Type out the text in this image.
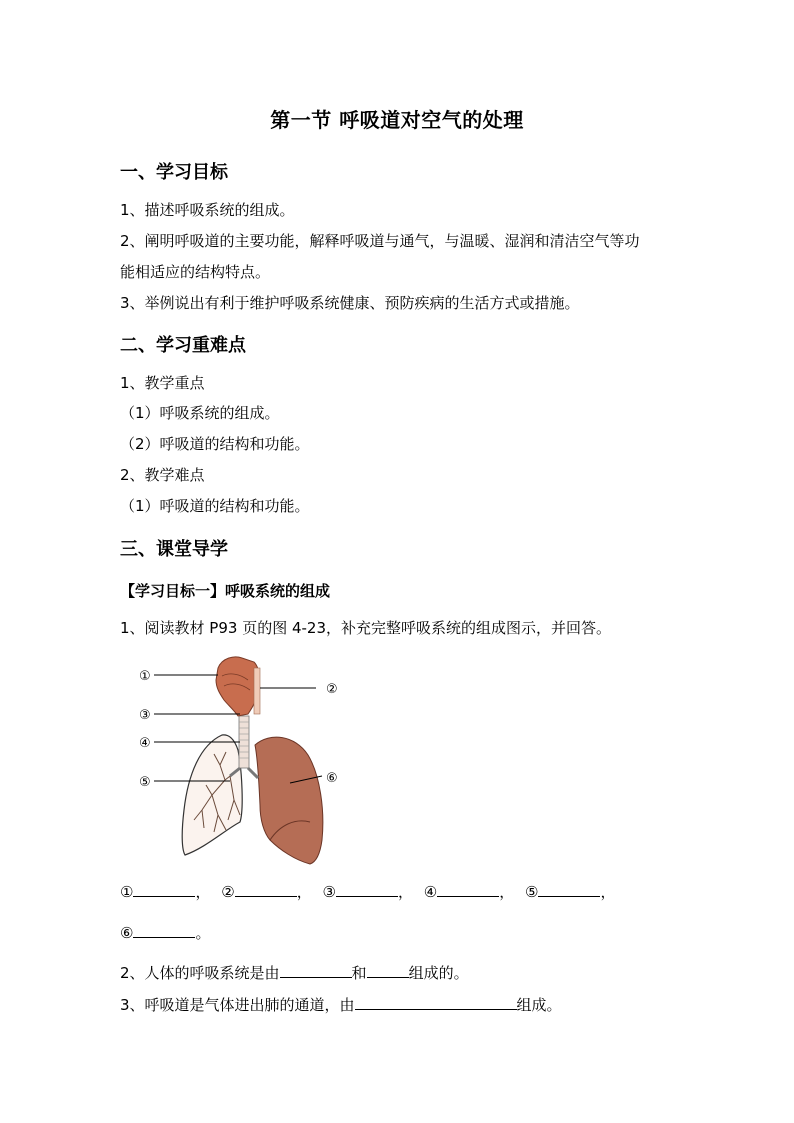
第一节 呼吸道对空气的处理
一、学习目标
1、描述呼吸系统的组成。
2、阐明呼吸道的主要功能，解释呼吸道与通气，与温暖、湿润和清洁空气等功
能相适应的结构特点。
3、举例说出有利于维护呼吸系统健康、预防疾病的生活方式或措施。
二、学习重难点
1、教学重点
（1）呼吸系统的组成。
（2）呼吸道的结构和功能。
2、教学难点
（1）呼吸道的结构和功能。
三、课堂导学
【学习目标一】呼吸系统的组成
1、阅读教材 P93 页的图 4-23，补充完整呼吸系统的组成图示，并回答。
①
②
③
④
⑤	⑥
①	， ②	， ③	， ④	， ⑤	，
⑥	。
2、人体的呼吸系统是由	和	组成的。
3、呼吸道是气体进出肺的通道，由	组成。
